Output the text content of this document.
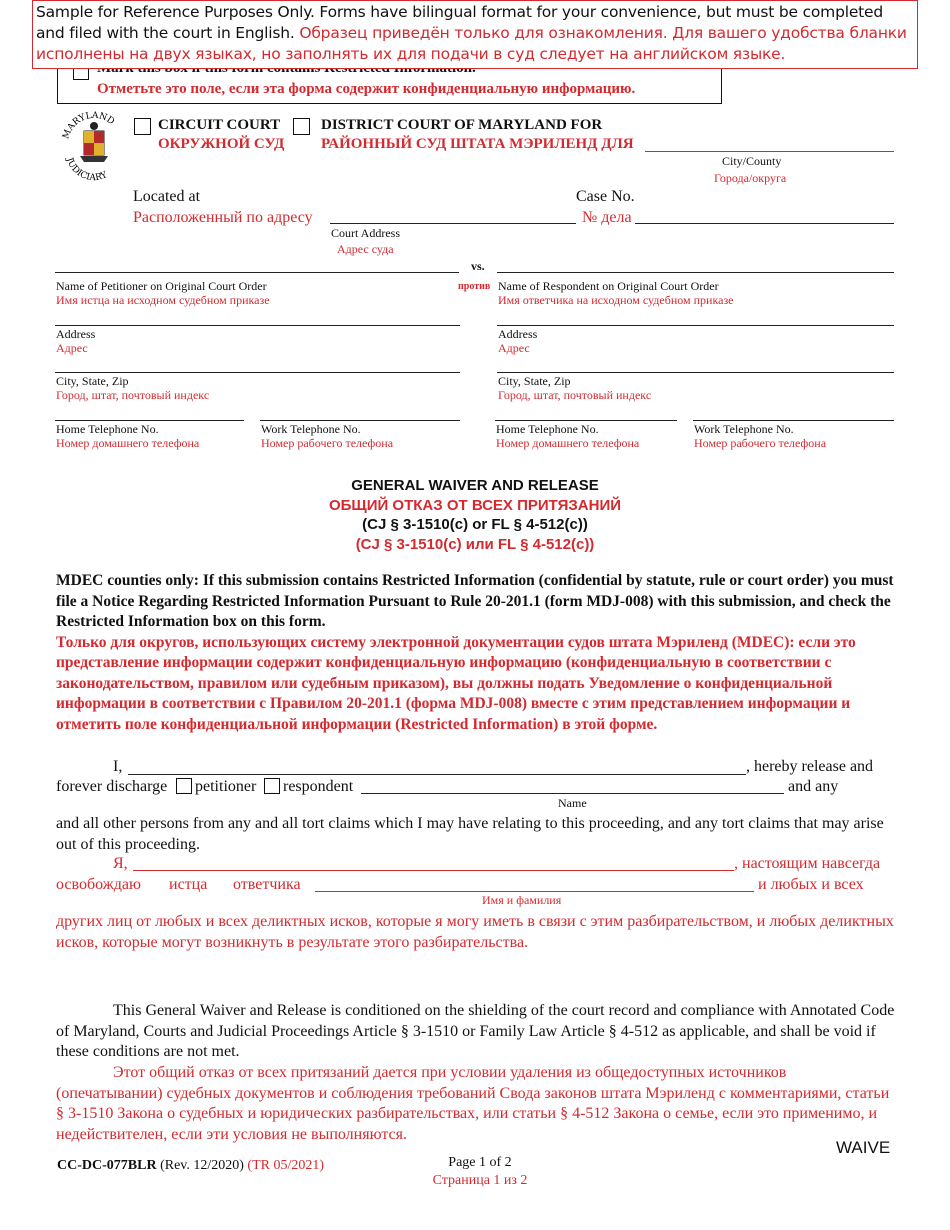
Отметьте это поле, если эта форма содержит конфиденциальную информацию.
Sample for Reference Purposes Only. Forms have bilingual format for your convenience, but must be completed and filed with the court in English. Образец приведён только для ознакомления. Для вашего удобства бланки исполнены на двух языках, но заполнять их для подачи в суд следует на английском языке.
MARYLAND
JUDICIARY
CIRCUIT COURT
ОКРУЖНОЙ СУД
DISTRICT COURT OF MARYLAND FOR
РАЙОННЫЙ СУД ШТАТА МЭРИЛЕНД ДЛЯ
City/County
Города/округа
Located at
Расположенный по адресу
Court Address
Адрес суда
Case No.
№ дела
vs.
Name of Petitioner on Original Court Order
Имя истца на исходном судебном приказе
против Name of Respondent on Original Court Order
Имя ответчика на исходном судебном приказе
Address
Адрес
Address
Адрес
City, State, Zip
Город, штат, почтовый индекс
City, State, Zip
Город, штат, почтовый индекс
Home Telephone No.
Номер домашнего телефона
Work Telephone No.
Номер рабочего телефона
Home Telephone No.
Номер домашнего телефона
Work Telephone No.
Номер рабочего телефона
GENERAL WAIVER AND RELEASE
ОБЩИЙ ОТКАЗ ОТ ВСЕХ ПРИТЯЗАНИЙ
(CJ § 3-1510(c) or FL § 4-512(c))
(CJ § 3-1510(c) или FL § 4-512(c))
MDEC counties only: If this submission contains Restricted Information (confidential by statute, rule or court order) you must file a Notice Regarding Restricted Information Pursuant to Rule 20-201.1 (form MDJ-008) with this submission, and check the Restricted Information box on this form.
Только для округов, использующих систему электронной документации судов штата Мэриленд (MDEC): если это представление информации содержит конфиденциальную информацию (конфиденциальную в соответствии с законодательством, правилом или судебным приказом), вы должны подать Уведомление о конфиденциальной информации в соответствии с Правилом 20-201.1 (форма MDJ-008) вместе с этим представлением информации и отметить поле конфиденциальной информации (Restricted Information) в этой форме.
I,	, hereby release and
forever discharge petitioner respondent	and any
Name
and all other persons from any and all tort claims which I may have relating to this proceeding, and any tort claims that may arise out of this proceeding.
Я,	, настоящим навсегда
освобождаю истца ответчика	и любых и всех
Имя и фамилия
других лиц от любых и всех деликтных исков, которые я могу иметь в связи с этим разбирательством, и любых деликтных исков, которые могут возникнуть в результате этого разбирательства.
This General Waiver and Release is conditioned on the shielding of the court record and compliance with Annotated Code of Maryland, Courts and Judicial Proceedings Article § 3-1510 or Family Law Article § 4-512 as applicable, and shall be void if these conditions are not met.
Этот общий отказ от всех притязаний дается при условии удаления из общедоступных источников (опечатывании) судебных документов и соблюдения требований Свода законов штата Мэриленд с комментариями, статьи § 3-1510 Закона о судебных и юридических разбирательствах, или статьи § 4-512 Закона о семье, если это применимо, и недействителен, если эти условия не выполняются.
WAIVE
CC-DC-077BLR (Rev. 12/2020) (TR 05/2021)	Page 1 of 2
Страница 1 из 2
